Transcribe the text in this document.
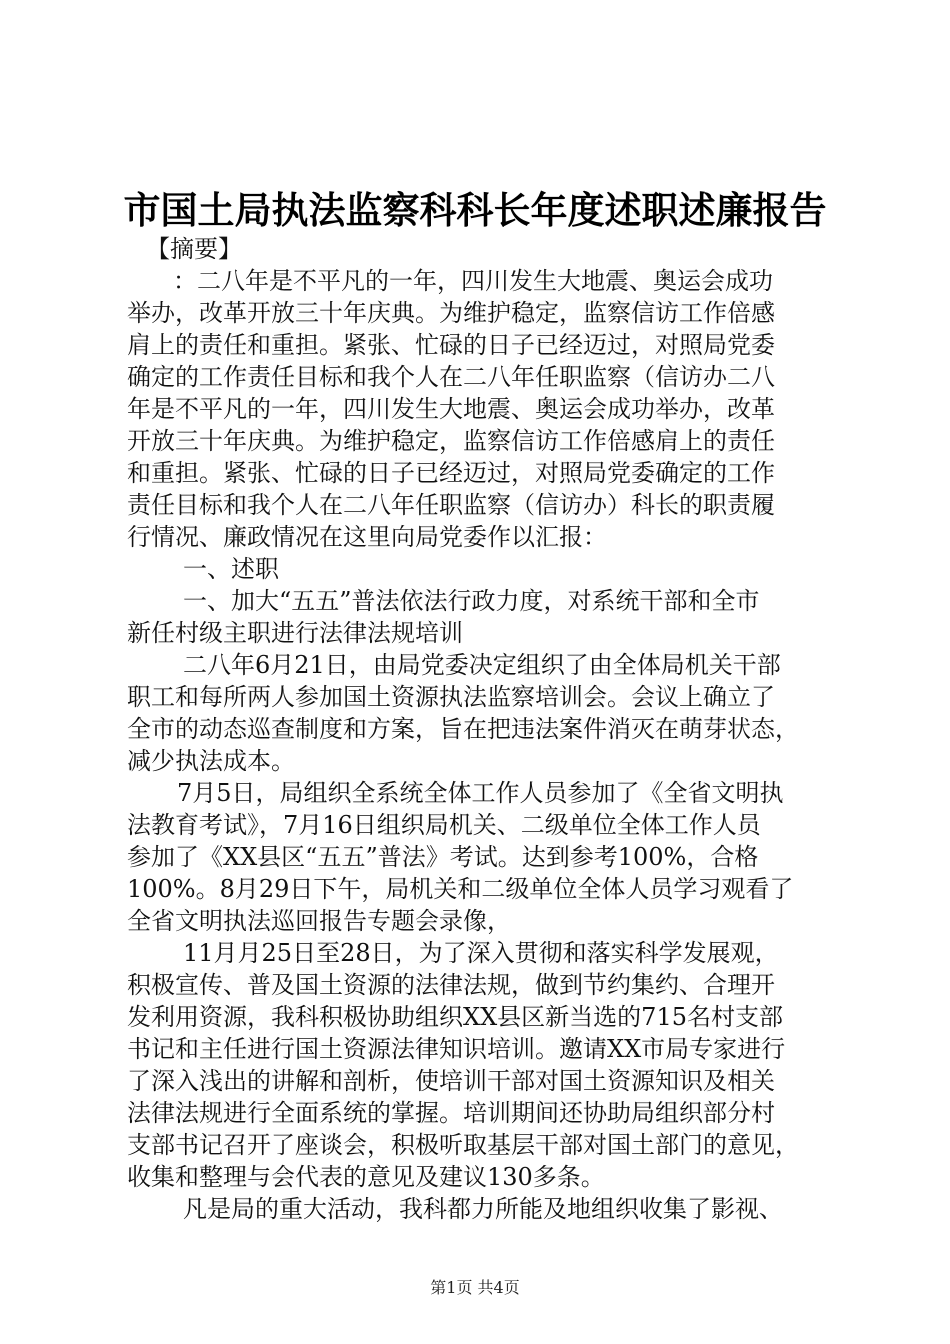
市国土局执法监察科科长年度述职述廉报告
【摘要】
：二八年是不平凡的一年，四川发生大地震、奥运会成功
举办，改革开放三十年庆典。为维护稳定，监察信访工作倍感
肩上的责任和重担。紧张、忙碌的日子已经迈过，对照局党委
确定的工作责任目标和我个人在二八年任职监察（信访办二八
年是不平凡的一年，四川发生大地震、奥运会成功举办，改革
开放三十年庆典。为维护稳定，监察信访工作倍感肩上的责任
和重担。紧张、忙碌的日子已经迈过，对照局党委确定的工作
责任目标和我个人在二八年任职监察（信访办）科长的职责履
行情况、廉政情况在这里向局党委作以汇报：
一、述职
一、加大“五五”普法依法行政力度，对系统干部和全市
新任村级主职进行法律法规培训
二八年6月21日，由局党委决定组织了由全体局机关干部
职工和每所两人参加国土资源执法监察培训会。会议上确立了
全市的动态巡查制度和方案，旨在把违法案件消灭在萌芽状态，
减少执法成本。
7月5日，局组织全系统全体工作人员参加了《全省文明执
法教育考试》，7月16日组织局机关、二级单位全体工作人员
参加了《XX县区“五五”普法》考试。达到参考100%，合格
100%。8月29日下午，局机关和二级单位全体人员学习观看了
全省文明执法巡回报告专题会录像，
11月月25日至28日，为了深入贯彻和落实科学发展观，
积极宣传、普及国土资源的法律法规，做到节约集约、合理开
发利用资源，我科积极协助组织XX县区新当选的715名村支部
书记和主任进行国土资源法律知识培训。邀请XX市局专家进行
了深入浅出的讲解和剖析，使培训干部对国土资源知识及相关
法律法规进行全面系统的掌握。培训期间还协助局组织部分村
支部书记召开了座谈会，积极听取基层干部对国土部门的意见，
收集和整理与会代表的意见及建议130多条。
凡是局的重大活动，我科都力所能及地组织收集了影视、
第1页 共4页
